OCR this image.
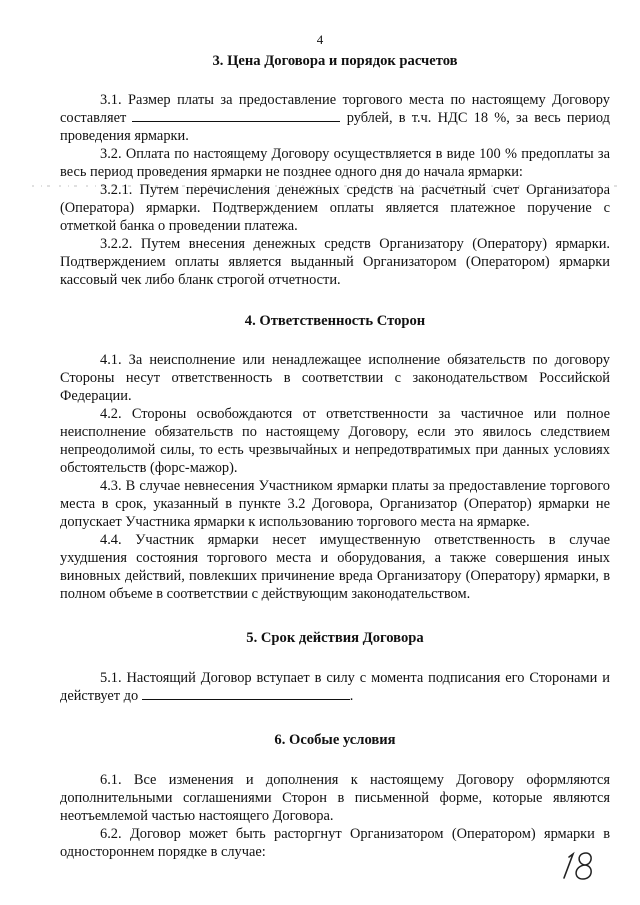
4
3. Цена Договора и порядок расчетов

3.1. Размер платы за предоставление торгового места по настоящему Договору составляет	рублей, в т.ч. НДС 18 %, за весь период проведения ярмарки.

3.2. Оплата по настоящему Договору осуществляется в виде 100 % предоплаты за весь период проведения ярмарки не позднее одного дня до начала ярмарки:

3.2.1. Путем перечисления денежных средств на расчетный счет Организатора (Оператора) ярмарки. Подтверждением оплаты является платежное поручение с отметкой банка о проведении платежа.

3.2.2. Путем внесения денежных средств Организатору (Оператору) ярмарки. Подтверждением оплаты является выданный Организатором (Оператором) ярмарки кассовый чек либо бланк строгой отчетности.

4. Ответственность Сторон

4.1. За неисполнение или ненадлежащее исполнение обязательств по договору Стороны несут ответственность в соответствии с законодательством Российской Федерации.

4.2. Стороны освобождаются от ответственности за частичное или полное неисполнение обязательств по настоящему Договору, если это явилось следствием непреодолимой силы, то есть чрезвычайных и непредотвратимых при данных условиях обстоятельств (форс-мажор).

4.3. В случае невнесения Участником ярмарки платы за предоставление торгового места в срок, указанный в пункте 3.2 Договора, Организатор (Оператор) ярмарки не допускает Участника ярмарки к использованию торгового места на ярмарке.

4.4. Участник ярмарки несет имущественную ответственность в случае ухудшения состояния торгового места и оборудования, а также совершения иных виновных действий, повлекших причинение вреда Организатору (Оператору) ярмарки, в полном объеме в соответствии с действующим законодательством.

5. Срок действия Договора

5.1. Настоящий Договор вступает в силу с момента подписания его Сторонами и действует до	.

6. Особые условия

6.1. Все изменения и дополнения к настоящему Договору оформляются дополнительными соглашениями Сторон в письменной форме, которые являются неотъемлемой частью настоящего Договора.

6.2. Договор может быть расторгнут Организатором (Оператором) ярмарки в одностороннем порядке в случае:
